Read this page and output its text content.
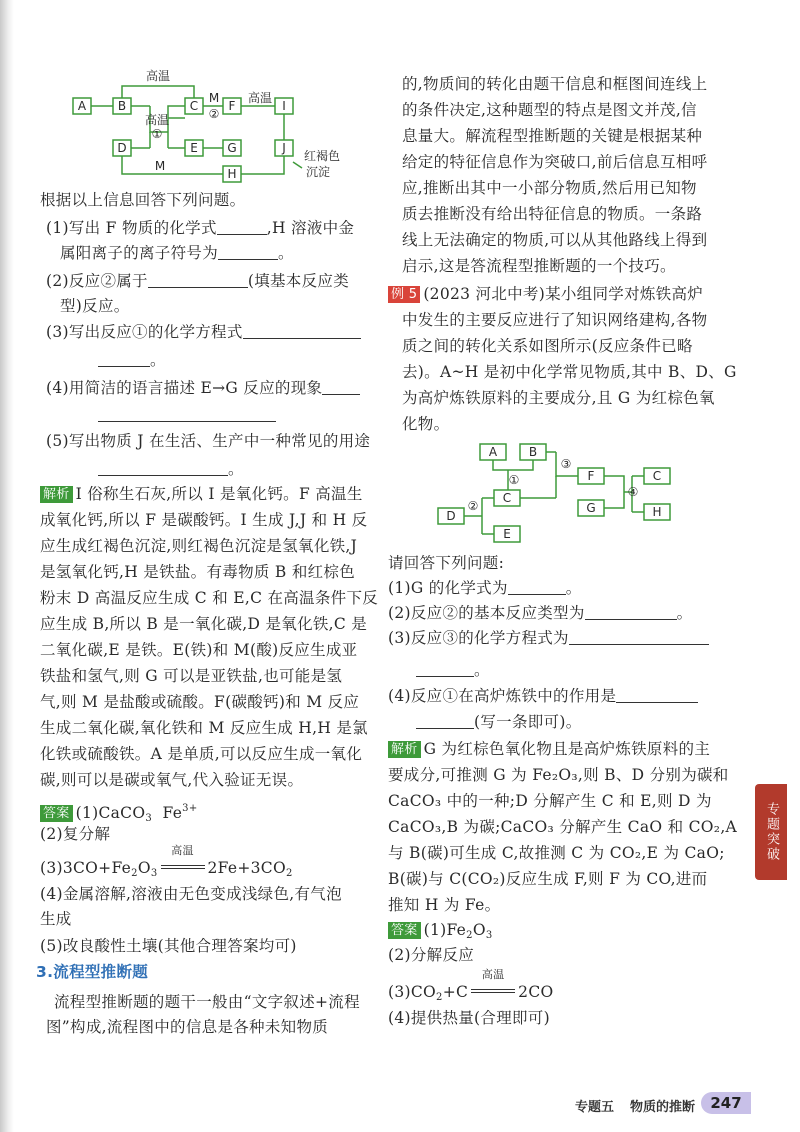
A	B	C	F	I
D	E G	J
H
高温
高温
①
M
②
高温
M
红褐色
沉淀
根据以上信息回答下列问题。
(1)写出 F 物质的化学式	,H 溶液中金
属阳离子的离子符号为	。
(2)反应②属于	(填基本反应类
型)反应。
(3)写出反应①的化学方程式
。
(4)用简洁的语言描述 E→G 反应的现象
(5)写出物质 J 在生活、生产中一种常见的用途
。
解析 I 俗称生石灰,所以 I 是氧化钙。F 高温生
成氧化钙,所以 F 是碳酸钙。I 生成 J,J 和 H 反
应生成红褐色沉淀,则红褐色沉淀是氢氧化铁,J
是氢氧化钙,H 是铁盐。有毒物质 B 和红棕色
粉末 D 高温反应生成 C 和 E,C 在高温条件下反
应生成 B,所以 B 是一氧化碳,D 是氧化铁,C 是
二氧化碳,E 是铁。E(铁)和 M(酸)反应生成亚
铁盐和氢气,则 G 可以是亚铁盐,也可能是氢
气,则 M 是盐酸或硫酸。F(碳酸钙)和 M 反应
生成二氧化碳,氧化铁和 M 反应生成 H,H 是氯
化铁或硫酸铁。A 是单质,可以反应生成一氧化
碳,则可以是碳或氧气,代入验证无误。
答案 (1)CaCO$_3$ $Fe^{3+}$
(2)复分解
$(3)3CO+Fe_2O_3$
高温
$2Fe+3CO_2$
(4)金属溶解,溶液由无色变成浅绿色,有气泡
生成
(5)改良酸性土壤(其他合理答案均可)
3.流程型推断题
流程型推断题的题干一般由“文字叙述+流程
图”构成,流程图中的信息是各种未知物质
的,物质间的转化由题干信息和框图间连线上
的条件决定,这种题型的特点是图文并茂,信
息量大。解流程型推断题的关键是根据某种
给定的特征信息作为突破口,前后信息互相呼
应,推断出其中一小部分物质,然后用已知物
质去推断没有给出特征信息的物质。一条路
线上无法确定的物质,可以从其他路线上得到
启示,这是答流程型推断题的一个技巧。
例 5 (2023 河北中考)某小组同学对炼铁高炉
中发生的主要反应进行了知识网络建构,各物
质之间的转化关系如图所示(反应条件已略
去)。A~H 是初中化学常见物质,其中 B、D、G
为高炉炼铁原料的主要成分,且 G 为红棕色氧
化物。
A	B
C
D
E
F
G
C
H
①
②
③
④
请回答下列问题:
(1)G 的化学式为	。
(2)反应②的基本反应类型为	。
(3)反应③的化学方程式为
。
(4)反应①在高炉炼铁中的作用是
(写一条即可)。
解析 G 为红棕色氧化物且是高炉炼铁原料的主
要成分,可推测 G 为 Fe₂O₃,则 B、D 分别为碳和
CaCO₃ 中的一种;D 分解产生 C 和 E,则 D 为
CaCO₃,B 为碳;CaCO₃ 分解产生 CaO 和 CO₂,A
与 B(碳)可生成 C,故推测 C 为 CO₂,E 为 CaO;
B(碳)与 C(CO₂)反应生成 F,则 F 为 CO,进而
推知 H 为 Fe。
答案 $(1)Fe_2O_3$
(2)分解反应
$(3)CO_2+C$
高温
2CO
(4)提供热量(合理即可)
专题突破
专题五 物质的推断	247
